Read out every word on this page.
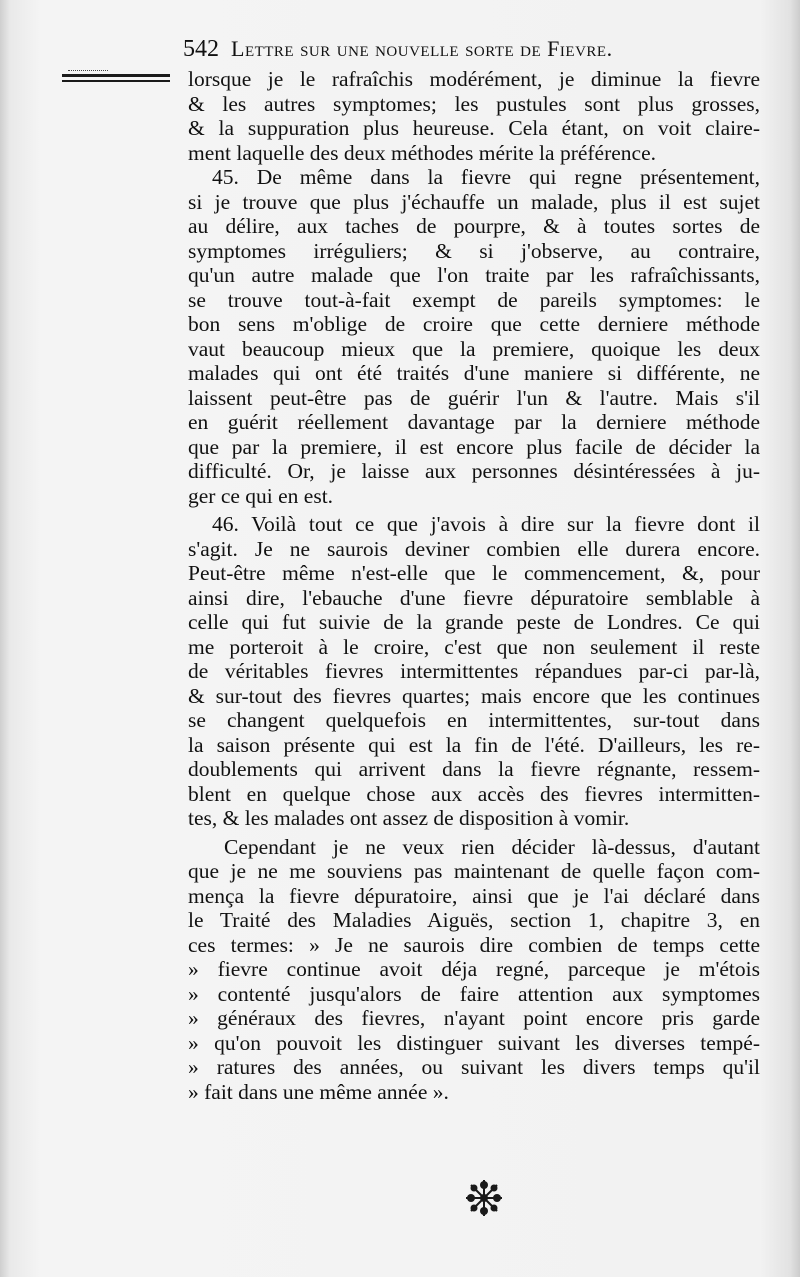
542 Lettre sur une nouvelle sorte de Fievre.
lorsque je le rafraîchis modérément, je diminue la fievre
& les autres symptomes; les pustules sont plus grosses,
& la suppuration plus heureuse. Cela étant, on voit claire-
ment laquelle des deux méthodes mérite la préférence.
45. De même dans la fievre qui regne présentement,
si je trouve que plus j'échauffe un malade, plus il est sujet
au délire, aux taches de pourpre, & à toutes sortes de
symptomes irréguliers; & si j'observe, au contraire,
qu'un autre malade que l'on traite par les rafraîchissants,
se trouve tout-à-fait exempt de pareils symptomes: le
bon sens m'oblige de croire que cette derniere méthode
vaut beaucoup mieux que la premiere, quoique les deux
malades qui ont été traités d'une maniere si différente, ne
laissent peut-être pas de guérir l'un & l'autre. Mais s'il
en guérit réellement davantage par la derniere méthode
que par la premiere, il est encore plus facile de décider la
difficulté. Or, je laisse aux personnes désintéressées à ju-
ger ce qui en est.
46. Voilà tout ce que j'avois à dire sur la fievre dont il
s'agit. Je ne saurois deviner combien elle durera encore.
Peut-être même n'est-elle que le commencement, &, pour
ainsi dire, l'ebauche d'une fievre dépuratoire semblable à
celle qui fut suivie de la grande peste de Londres. Ce qui
me porteroit à le croire, c'est que non seulement il reste
de véritables fievres intermittentes répandues par-ci par-là,
& sur-tout des fievres quartes; mais encore que les continues
se changent quelquefois en intermittentes, sur-tout dans
la saison présente qui est la fin de l'été. D'ailleurs, les re-
doublements qui arrivent dans la fievre régnante, ressem-
blent en quelque chose aux accès des fievres intermitten-
tes, & les malades ont assez de disposition à vomir.
Cependant je ne veux rien décider là-dessus, d'autant
que je ne me souviens pas maintenant de quelle façon com-
mença la fievre dépuratoire, ainsi que je l'ai déclaré dans
le Traité des Maladies Aiguës, section 1, chapitre 3, en
ces termes: » Je ne saurois dire combien de temps cette
» fievre continue avoit déja regné, parceque je m'étois
» contenté jusqu'alors de faire attention aux symptomes
» généraux des fievres, n'ayant point encore pris garde
» qu'on pouvoit les distinguer suivant les diverses tempé-
» ratures des années, ou suivant les divers temps qu'il
» fait dans une même année ».
